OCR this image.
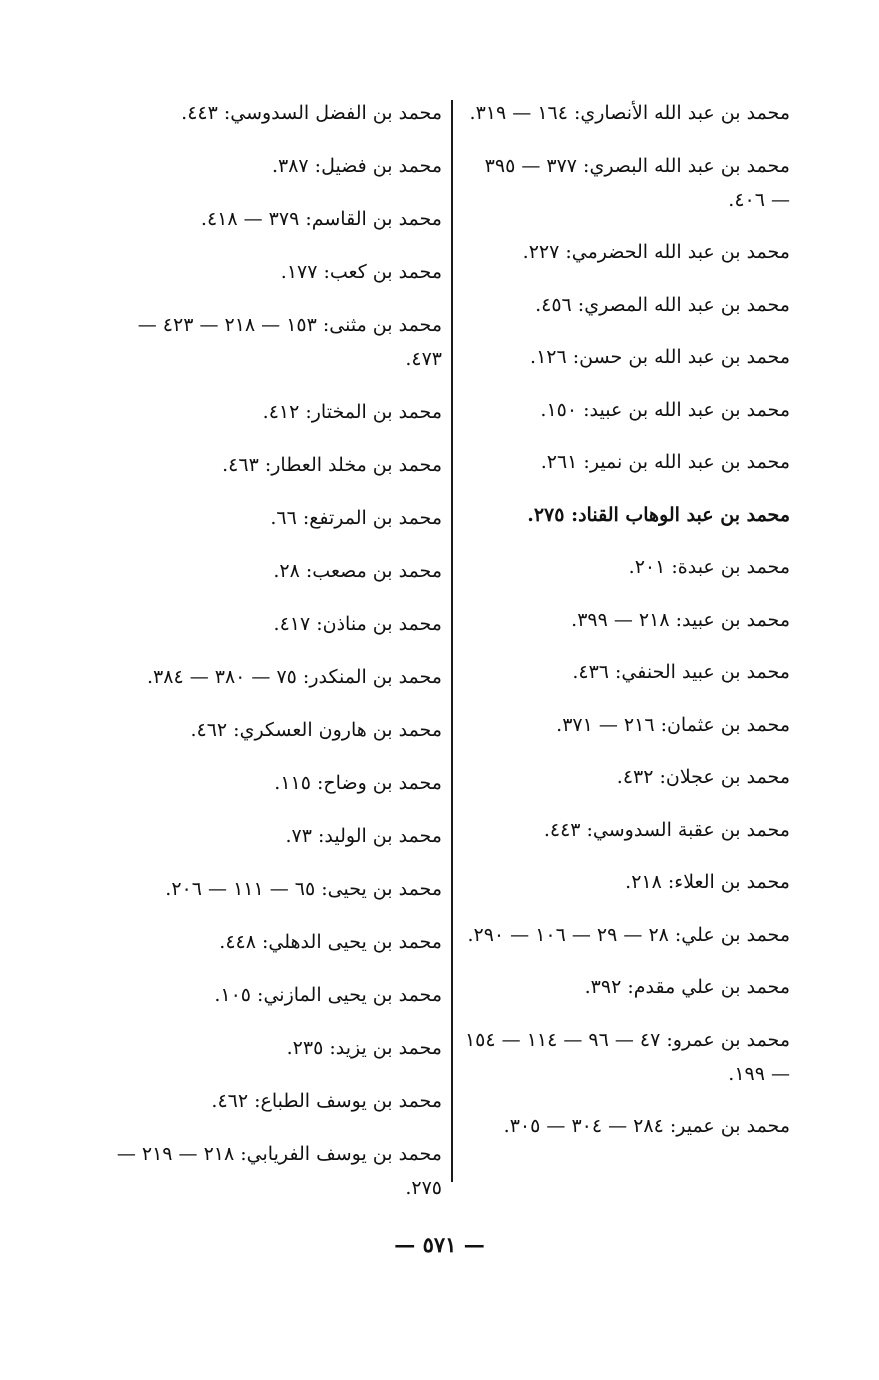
محمد بن عبد الله الأنصاري: ١٦٤ — ٣١٩.
محمد بن عبد الله البصري: ٣٧٧ — ٣٩٥ — ٤٠٦.
محمد بن عبد الله الحضرمي: ٢٢٧.
محمد بن عبد الله المصري: ٤٥٦.
محمد بن عبد الله بن حسن: ١٢٦.
محمد بن عبد الله بن عبيد: ١٥٠.
محمد بن عبد الله بن نمير: ٢٦١.
محمد بن عبد الوهاب القناد: ٢٧٥.
محمد بن عبدة: ٢٠١.
محمد بن عبيد: ٢١٨ — ٣٩٩.
محمد بن عبيد الحنفي: ٤٣٦.
محمد بن عثمان: ٢١٦ — ٣٧١.
محمد بن عجلان: ٤٣٢.
محمد بن عقبة السدوسي: ٤٤٣.
محمد بن العلاء: ٢١٨.
محمد بن علي: ٢٨ — ٢٩ — ١٠٦ — ٢٩٠.
محمد بن علي مقدم: ٣٩٢.
محمد بن عمرو: ٤٧ — ٩٦ — ١١٤ — ١٥٤ — ١٩٩.
محمد بن عمير: ٢٨٤ — ٣٠٤ — ٣٠٥.
محمد بن الفضل السدوسي: ٤٤٣.
محمد بن فضيل: ٣٨٧.
محمد بن القاسم: ٣٧٩ — ٤١٨.
محمد بن كعب: ١٧٧.
محمد بن مثنى: ١٥٣ — ٢١٨ — ٤٢٣ — ٤٧٣.
محمد بن المختار: ٤١٢.
محمد بن مخلد العطار: ٤٦٣.
محمد بن المرتفع: ٦٦.
محمد بن مصعب: ٢٨.
محمد بن مناذن: ٤١٧.
محمد بن المنكدر: ٧٥ — ٣٨٠ — ٣٨٤.
محمد بن هارون العسكري: ٤٦٢.
محمد بن وضاح: ١١٥.
محمد بن الوليد: ٧٣.
محمد بن يحيى: ٦٥ — ١١١ — ٢٠٦.
محمد بن يحيى الدهلي: ٤٤٨.
محمد بن يحيى المازني: ١٠٥.
محمد بن يزيد: ٢٣٥.
محمد بن يوسف الطباع: ٤٦٢.
محمد بن يوسف الفريابي: ٢١٨ — ٢١٩ — ٢٧٥.
— ٥٧١ —
